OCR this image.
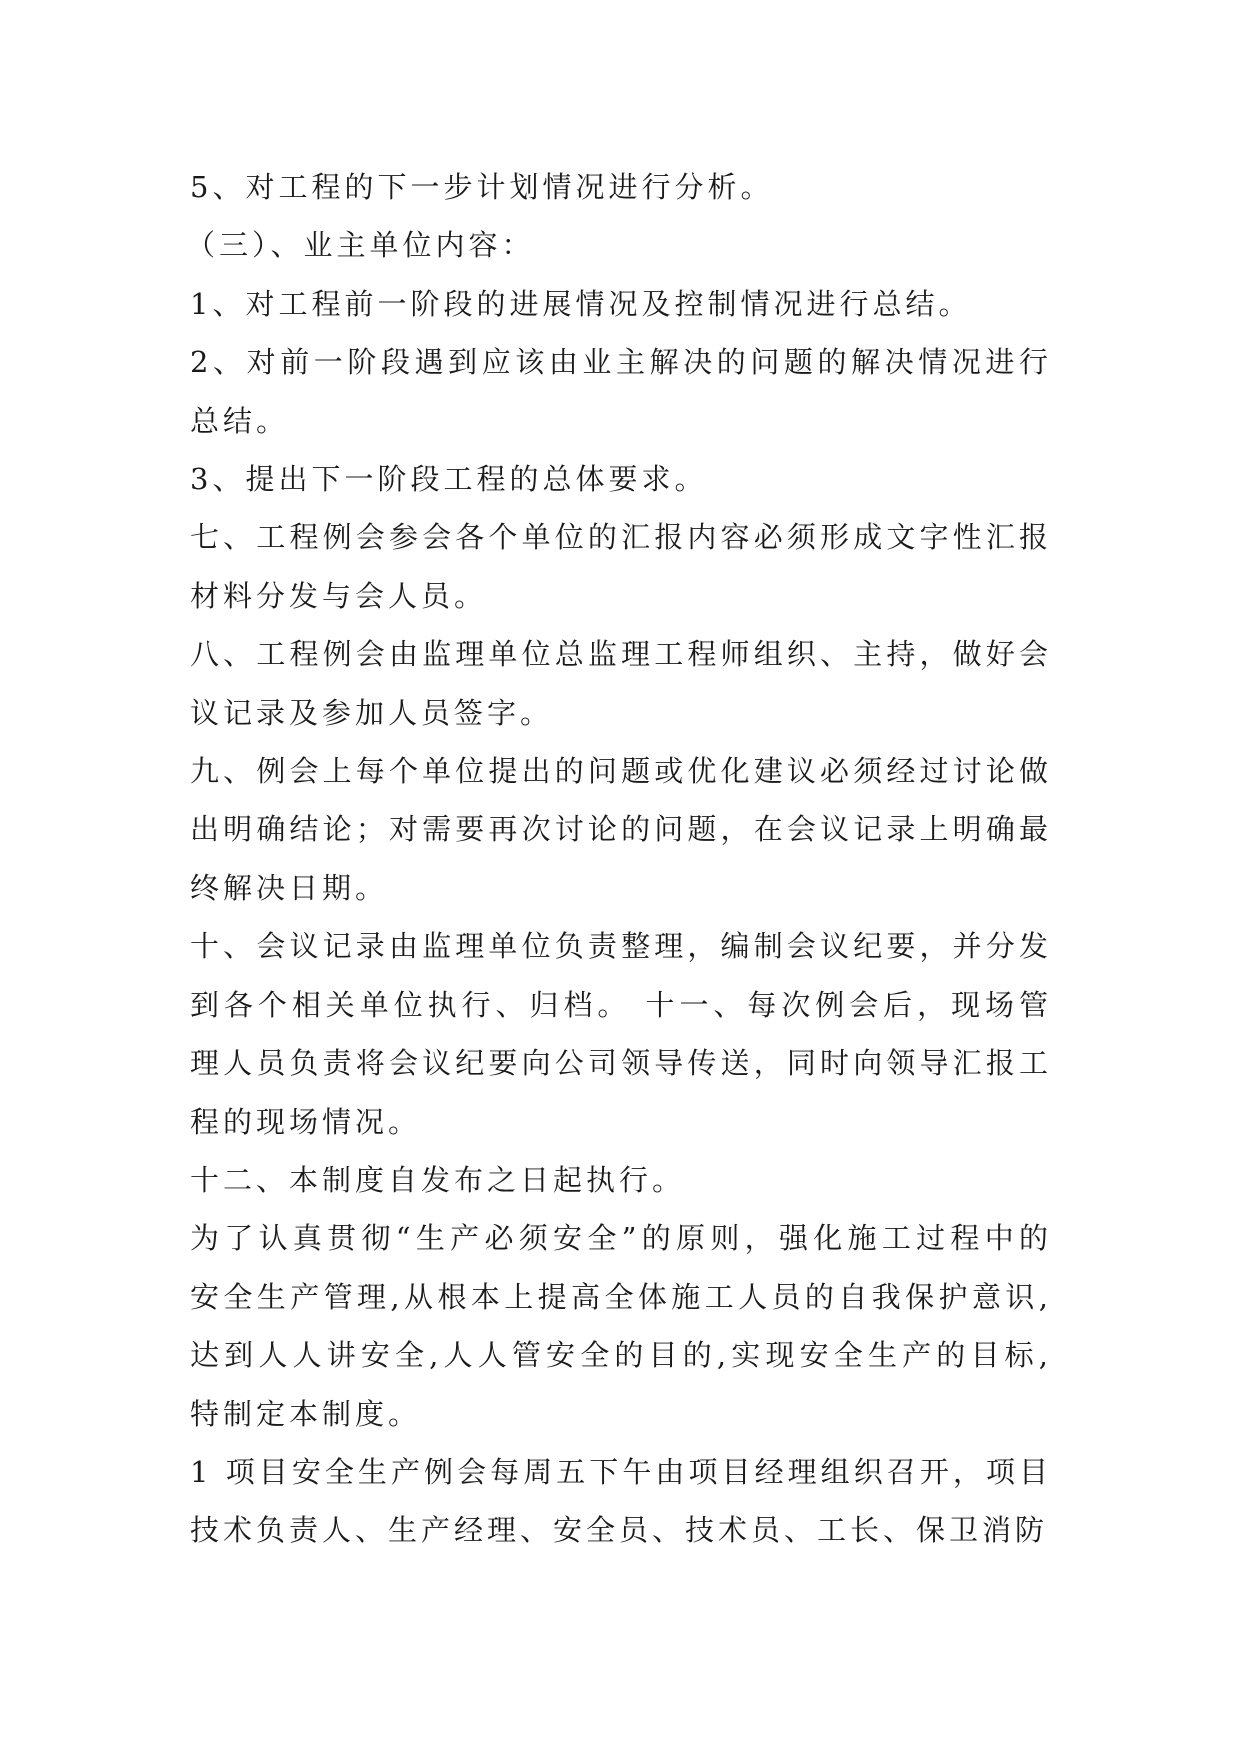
5、对工程的下一步计划情况进行分析。

（三）、业主单位内容：

1、对工程前一阶段的进展情况及控制情况进行总结。

2、对前一阶段遇到应该由业主解决的问题的解决情况进行总结。

3、提出下一阶段工程的总体要求。

七、工程例会参会各个单位的汇报内容必须形成文字性汇报材料分发与会人员。

八、工程例会由监理单位总监理工程师组织、主持，做好会议记录及参加人员签字。

九、例会上每个单位提出的问题或优化建议必须经过讨论做出明确结论；对需要再次讨论的问题，在会议记录上明确最终解决日期。

十、会议记录由监理单位负责整理，编制会议纪要，并分发到各个相关单位执行、归档。 十一、每次例会后，现场管理人员负责将会议纪要向公司领导传送，同时向领导汇报工程的现场情况。

十二、本制度自发布之日起执行。

为了认真贯彻“生产必须安全”的原则，强化施工过程中的安全生产管理,从根本上提高全体施工人员的自我保护意识,达到人人讲安全,人人管安全的目的,实现安全生产的目标,特制定本制度。

1 项目安全生产例会每周五下午由项目经理组织召开，项目技术负责人、生产经理、安全员、技术员、工长、保卫消防
